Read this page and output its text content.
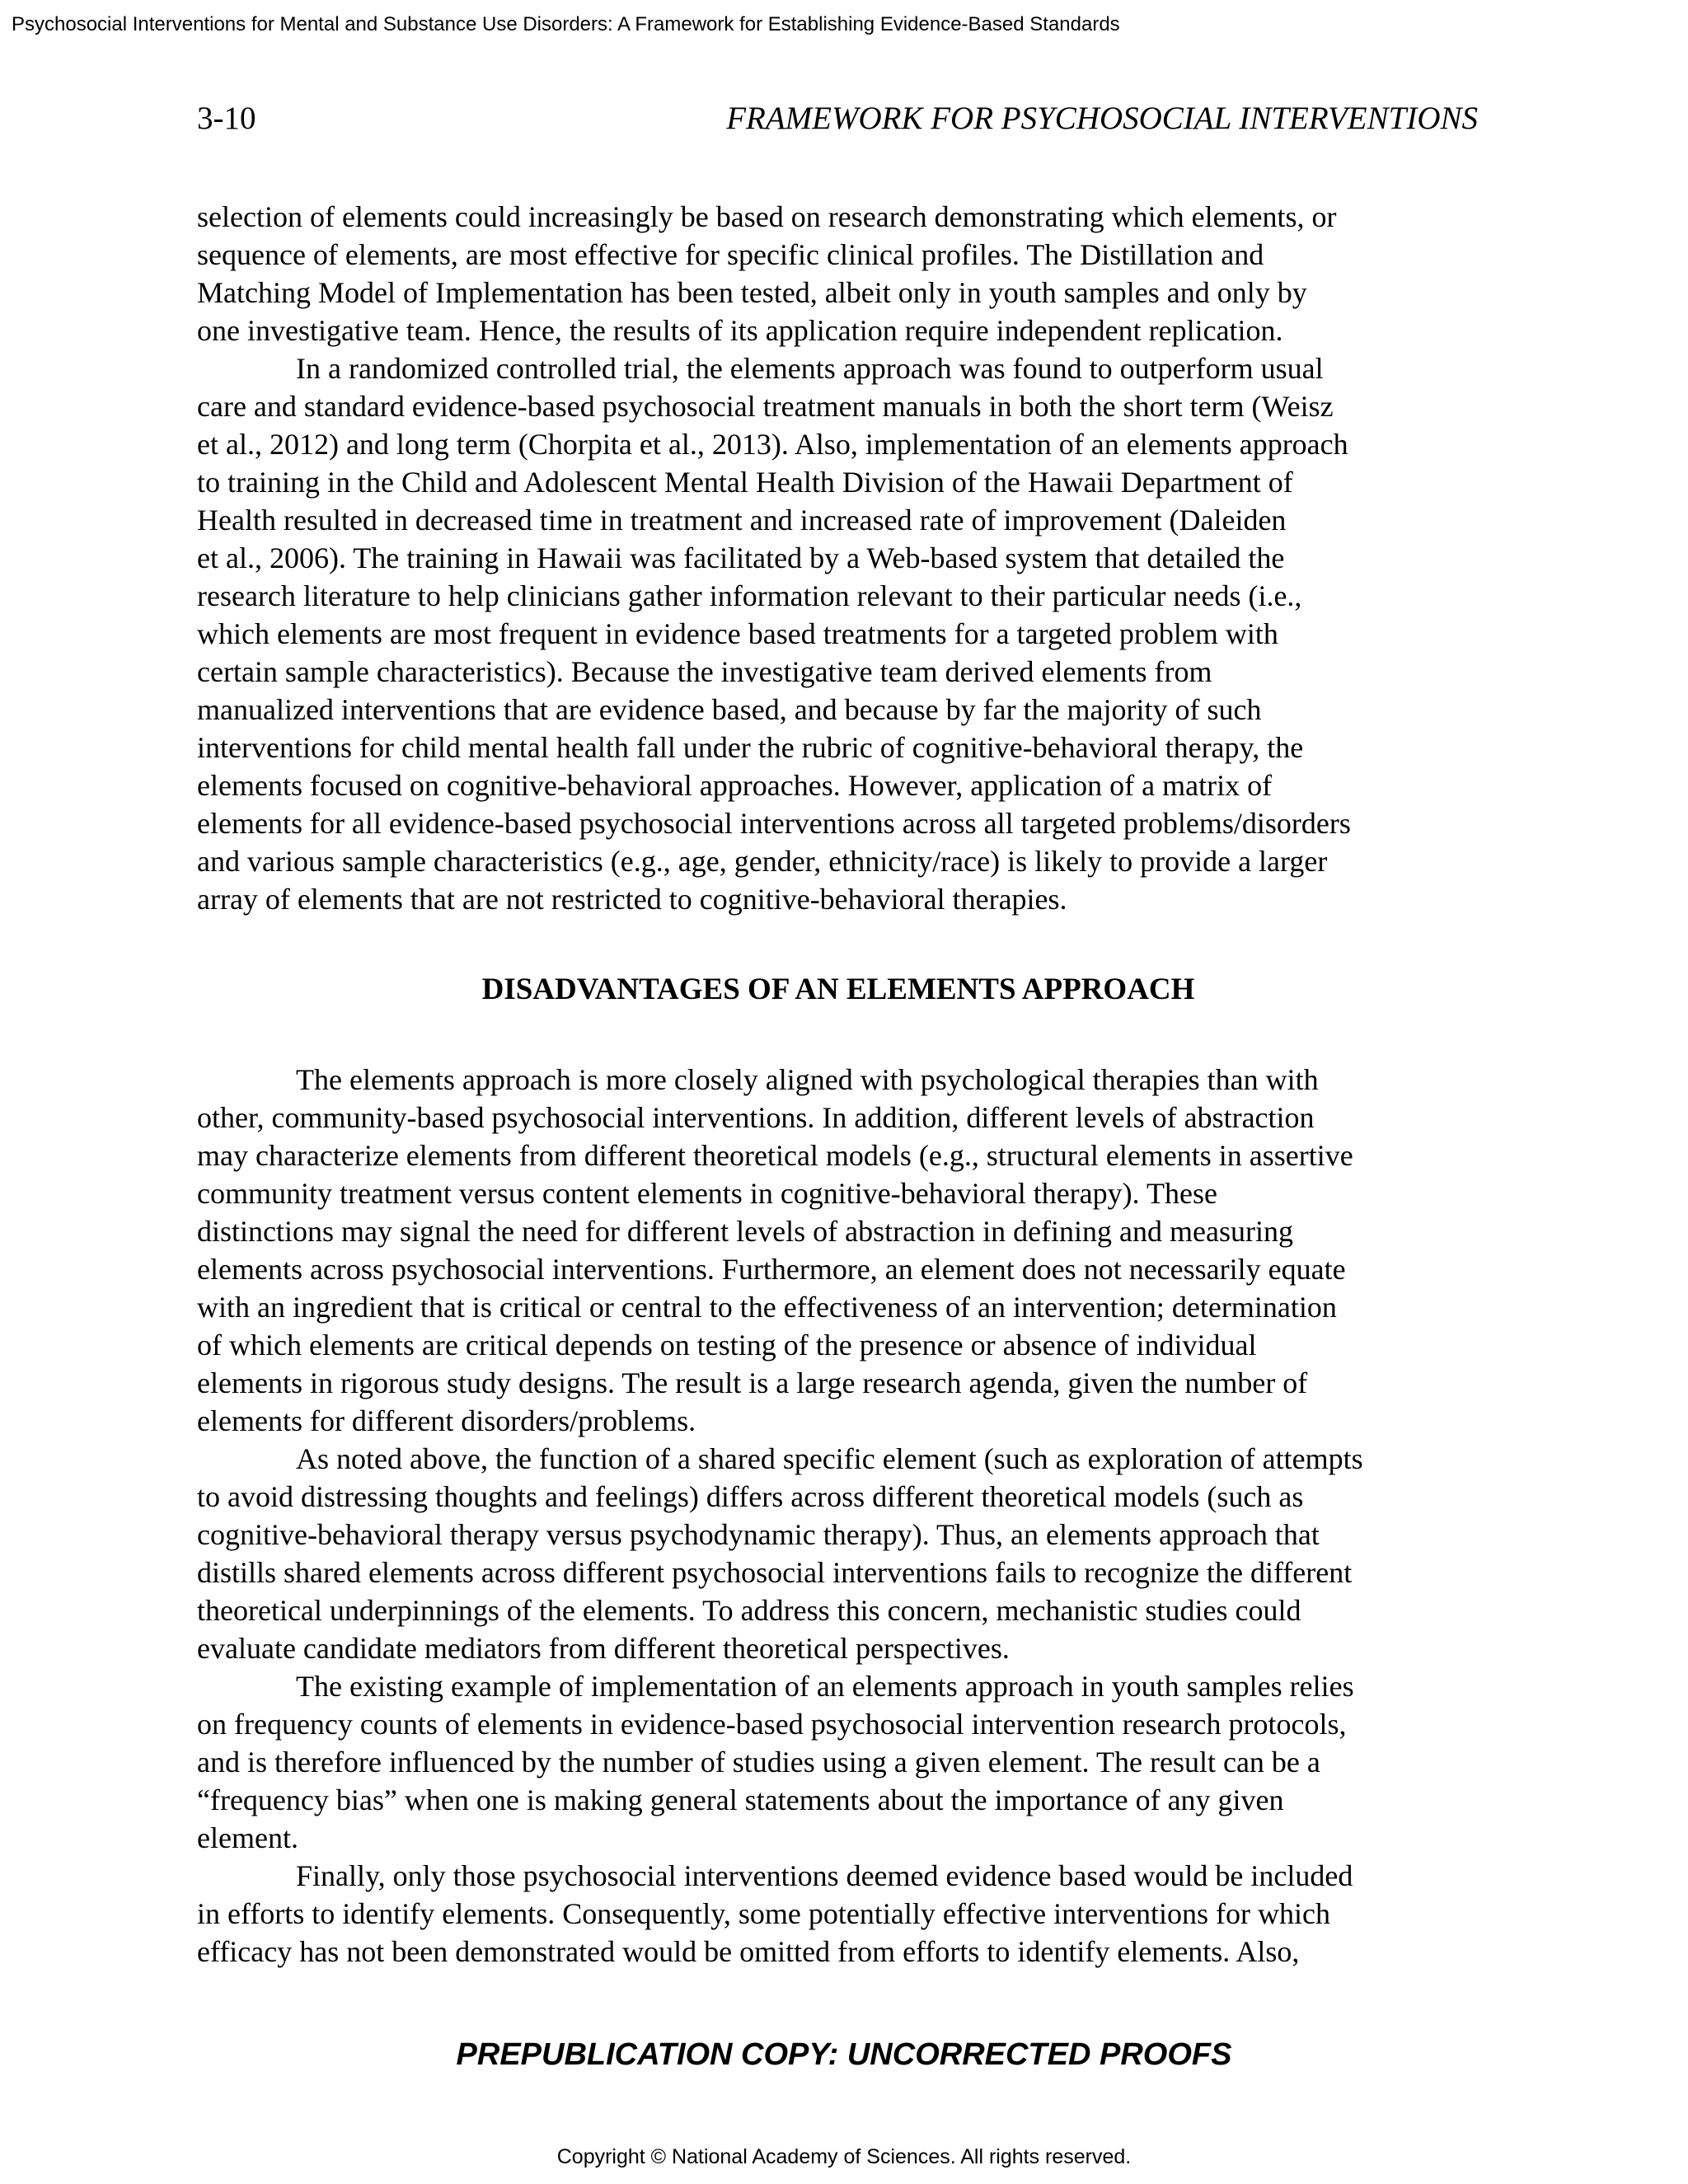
Psychosocial Interventions for Mental and Substance Use Disorders: A Framework for Establishing Evidence-Based Standards
3-10	FRAMEWORK FOR PSYCHOSOCIAL INTERVENTIONS
selection of elements could increasingly be based on research demonstrating which elements, or
sequence of elements, are most effective for specific clinical profiles. The Distillation and
Matching Model of Implementation has been tested, albeit only in youth samples and only by
one investigative team. Hence, the results of its application require independent replication.
In a randomized controlled trial, the elements approach was found to outperform usual
care and standard evidence-based psychosocial treatment manuals in both the short term (Weisz
et al., 2012) and long term (Chorpita et al., 2013). Also, implementation of an elements approach
to training in the Child and Adolescent Mental Health Division of the Hawaii Department of
Health resulted in decreased time in treatment and increased rate of improvement (Daleiden
et al., 2006). The training in Hawaii was facilitated by a Web-based system that detailed the
research literature to help clinicians gather information relevant to their particular needs (i.e.,
which elements are most frequent in evidence based treatments for a targeted problem with
certain sample characteristics). Because the investigative team derived elements from
manualized interventions that are evidence based, and because by far the majority of such
interventions for child mental health fall under the rubric of cognitive-behavioral therapy, the
elements focused on cognitive-behavioral approaches. However, application of a matrix of
elements for all evidence-based psychosocial interventions across all targeted problems/disorders
and various sample characteristics (e.g., age, gender, ethnicity/race) is likely to provide a larger
array of elements that are not restricted to cognitive-behavioral therapies.
DISADVANTAGES OF AN ELEMENTS APPROACH
The elements approach is more closely aligned with psychological therapies than with
other, community-based psychosocial interventions. In addition, different levels of abstraction
may characterize elements from different theoretical models (e.g., structural elements in assertive
community treatment versus content elements in cognitive-behavioral therapy). These
distinctions may signal the need for different levels of abstraction in defining and measuring
elements across psychosocial interventions. Furthermore, an element does not necessarily equate
with an ingredient that is critical or central to the effectiveness of an intervention; determination
of which elements are critical depends on testing of the presence or absence of individual
elements in rigorous study designs. The result is a large research agenda, given the number of
elements for different disorders/problems.
As noted above, the function of a shared specific element (such as exploration of attempts
to avoid distressing thoughts and feelings) differs across different theoretical models (such as
cognitive-behavioral therapy versus psychodynamic therapy). Thus, an elements approach that
distills shared elements across different psychosocial interventions fails to recognize the different
theoretical underpinnings of the elements. To address this concern, mechanistic studies could
evaluate candidate mediators from different theoretical perspectives.
The existing example of implementation of an elements approach in youth samples relies
on frequency counts of elements in evidence-based psychosocial intervention research protocols,
and is therefore influenced by the number of studies using a given element. The result can be a
“frequency bias” when one is making general statements about the importance of any given
element.
Finally, only those psychosocial interventions deemed evidence based would be included
in efforts to identify elements. Consequently, some potentially effective interventions for which
efficacy has not been demonstrated would be omitted from efforts to identify elements. Also,
PREPUBLICATION COPY: UNCORRECTED PROOFS
Copyright © National Academy of Sciences. All rights reserved.
